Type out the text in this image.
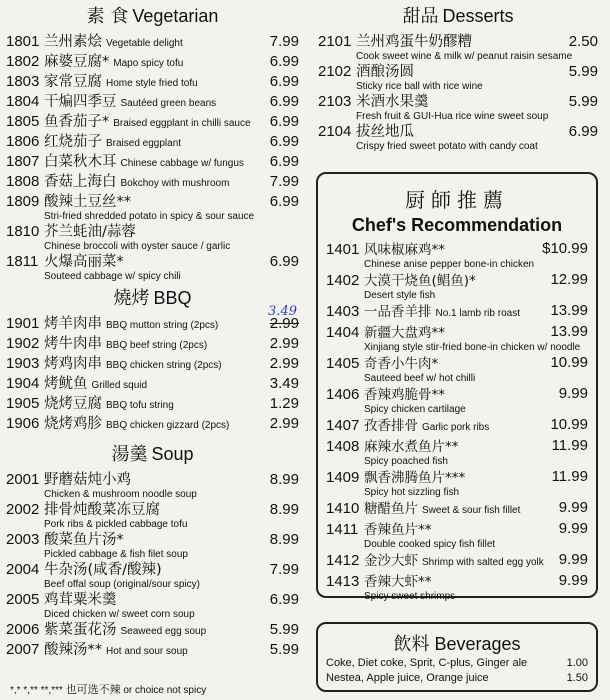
素 食 Vegetarian
1801 兰州素烩 Vegetable delight	7.99
1802 麻婆豆腐* Mapo spicy tofu	6.99
1803 家常豆腐 Home style fried tofu	6.99
1804 干煸四季豆 Sautéed green beans	6.99
1805 鱼香茄子* Braised eggplant in chilli sauce 6.99
1806 红烧茄子 Braised eggplant	6.99
1807 白菜秋木耳 Chinese cabbage w/ fungus 6.99
1808 香菇上海白 Bokchoy with mushroom	7.99
1809 酸辣土豆丝**	6.99
Stri-fried shredded potato in spicy & sour sauce
1810 芥兰蚝油/蒜蓉
Chinese broccoli with oyster sauce / garlic
1811 火爆高丽菜*	6.99
Souteed cabbage w/ spicy chili
燒烤 BBQ
1901 烤羊肉串 BBQ mutton string (2pcs)	2.99
3.49
1902 烤牛肉串 BBQ beef string (2pcs)	2.99
1903 烤鸡肉串 BBQ chicken string (2pcs)	2.99
1904 烤鱿鱼 Grilled squid	3.49
1905 烧烤豆腐 BBQ tofu string	1.29
1906 烧烤鸡胗 BBQ chicken gizzard (2pcs)	2.99
湯羹 Soup
2001 野蘑菇炖小鸡	8.99
Chicken & mushroom noodle soup
2002 排骨炖酸菜冻豆腐	8.99
Pork ribs & pickled cabbage tofu
2003 酸菜鱼片汤*	8.99
Pickled cabbage & fish filet soup
2004 牛杂汤(咸香/酸辣)	7.99
Beef offal soup (original/sour spicy)
2005 鸡茸粟米羹	6.99
Diced chicken w/ sweet corn soup
2006 紫菜蛋花汤 Seaweed egg soup	5.99
2007 酸辣汤** Hot and sour soup	5.99
甜品 Desserts
2101 兰州鸡蛋牛奶醪糟	2.50
Cook sweet wine & milk w/ peanut raisin sesame
2102 酒酿汤圆	5.99
Sticky rice ball with rice wine
2103 米酒水果羹	5.99
Fresh fruit & GUI-Hua rice wine sweet soup
2104 拔丝地瓜	6.99
Crispy fried sweet potato with candy coat
厨師推薦
Chef's Recommendation
1401 风味椒麻鸡**	$10.99
Chinese anise pepper bone-in chicken
1402 大漠干烧鱼(鲳鱼)*	12.99
Desert style fish
1403 一品香羊排 No.1 lamb rib roast 13.99
1404 新疆大盘鸡**	13.99
Xinjiang style stir-fried bone-in chicken w/ noodle
1405 奇香小牛肉*	10.99
Sauteed beef w/ hot chilli
1406 香辣鸡脆骨**	9.99
Spicy chicken cartilage
1407 孜香排骨 Garlic pork ribs	10.99
1408 麻辣水煮鱼片**	11.99
Spicy poached fish
1409 飘香沸腾鱼片***	11.99
Spicy hot sizzling fish
1410 糖醋鱼片 Sweet & sour fish fillet	9.99
1411 香辣鱼片**	9.99
Double cooked spicy fish fillet
1412 金沙大虾 Shrimp with salted egg yolk 9.99
1413 香辣大虾**	9.99
Spicy sweet shrimps
飲料 Beverages
Coke, Diet coke, Sprit, C-plus, Ginger ale	1.00
Nestea, Apple juice, Orange juice	1.50
*,* *,** **,*** 也可选不辣 or choice not spicy
